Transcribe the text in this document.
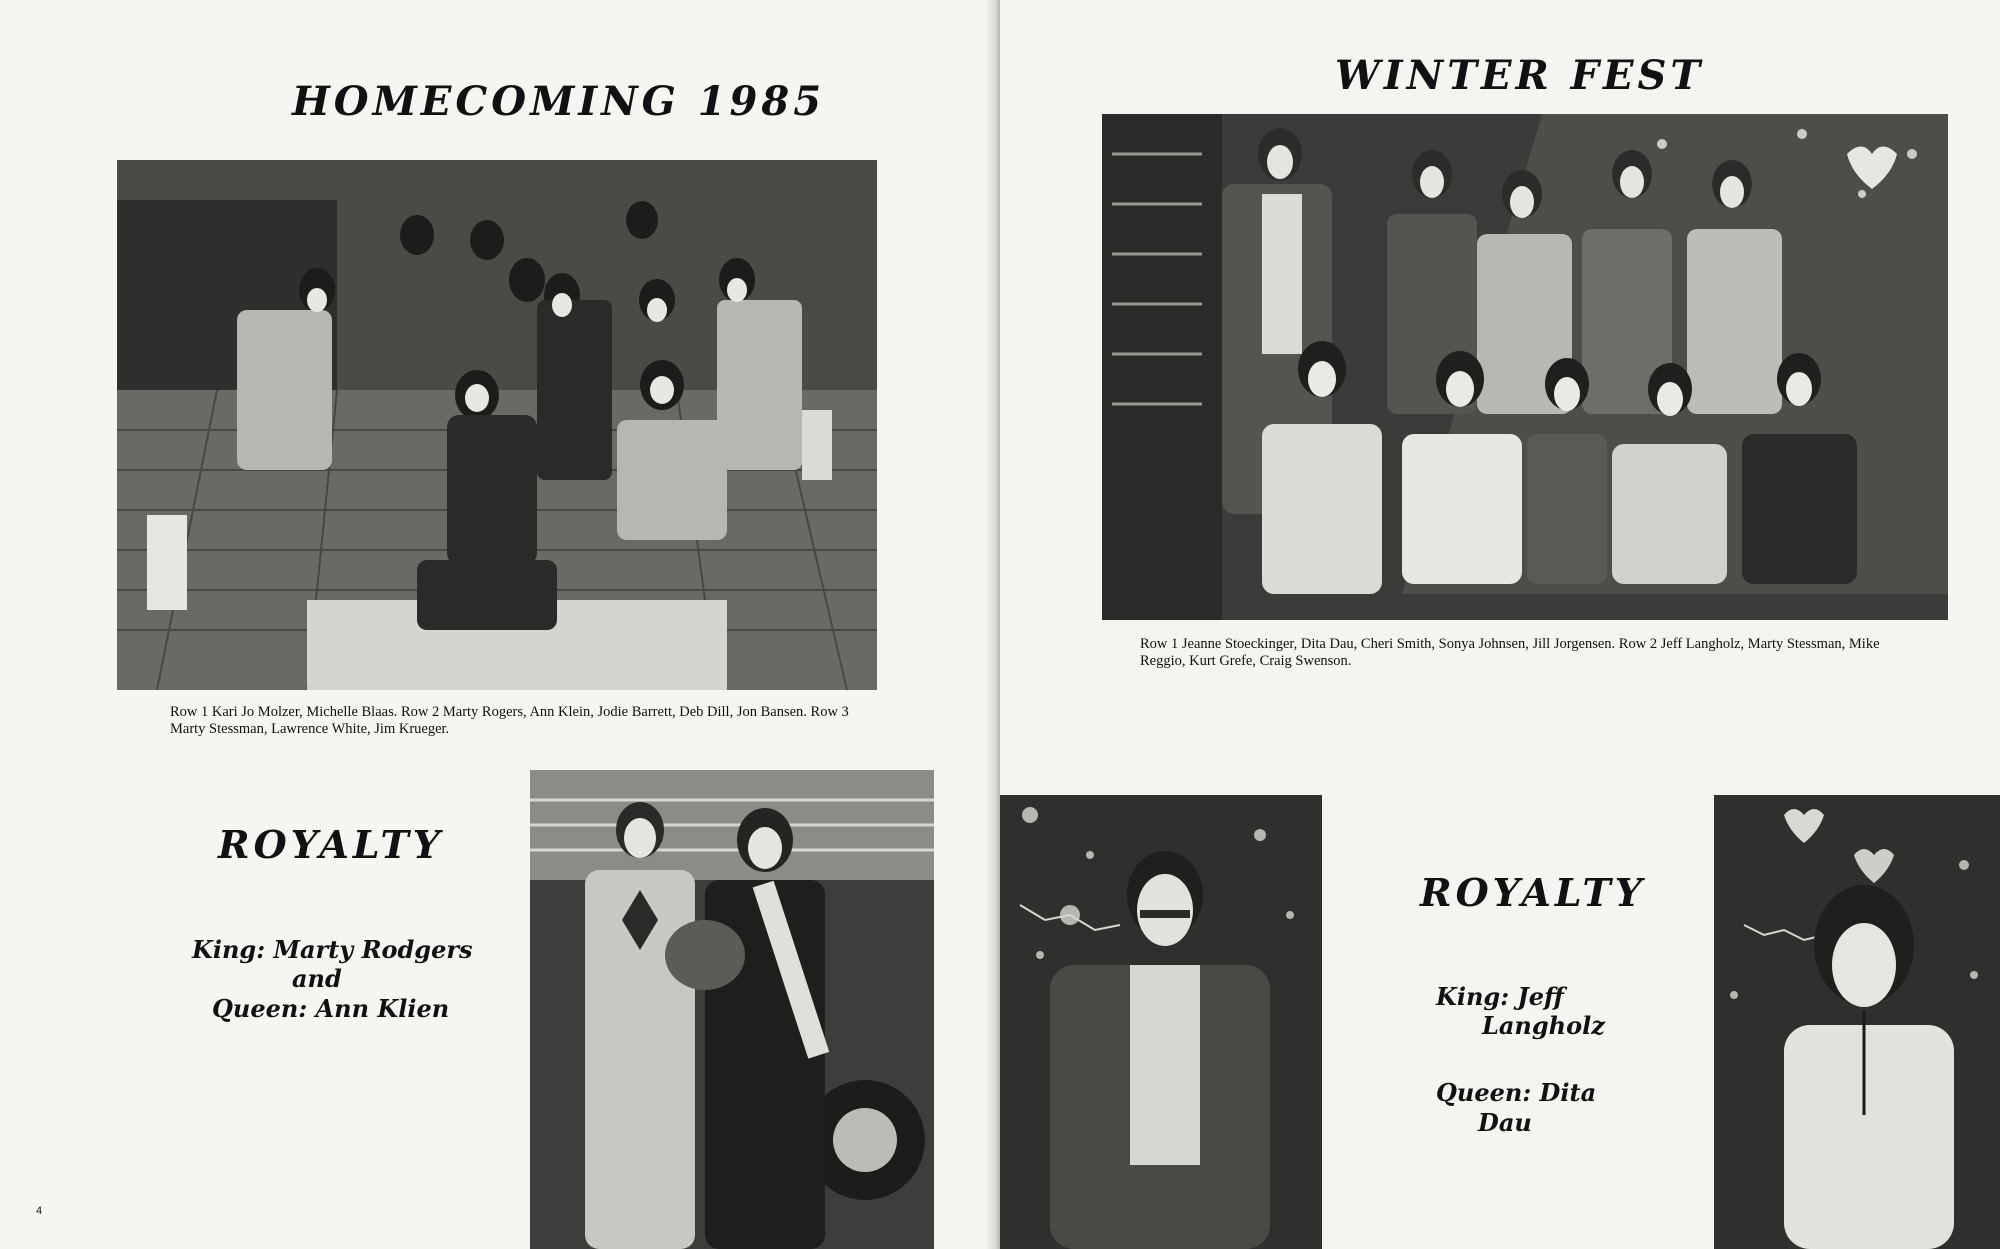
HOMECOMING 1985
Row 1 Kari Jo Molzer, Michelle Blaas. Row 2 Marty Rogers, Ann Klein, Jodie Barrett, Deb Dill, Jon Bansen. Row 3 Marty Stessman, Lawrence White, Jim Krueger.
ROYALTY
King: Marty Rodgers
and
Queen: Ann Klien
4
WINTER FEST
Row 1 Jeanne Stoeckinger, Dita Dau, Cheri Smith, Sonya Johnsen, Jill Jorgensen. Row 2 Jeff Langholz, Marty Stessman, Mike Reggio, Kurt Grefe, Craig Swenson.
ROYALTY
King: Jeff
Langholz
Queen: Dita
Dau
